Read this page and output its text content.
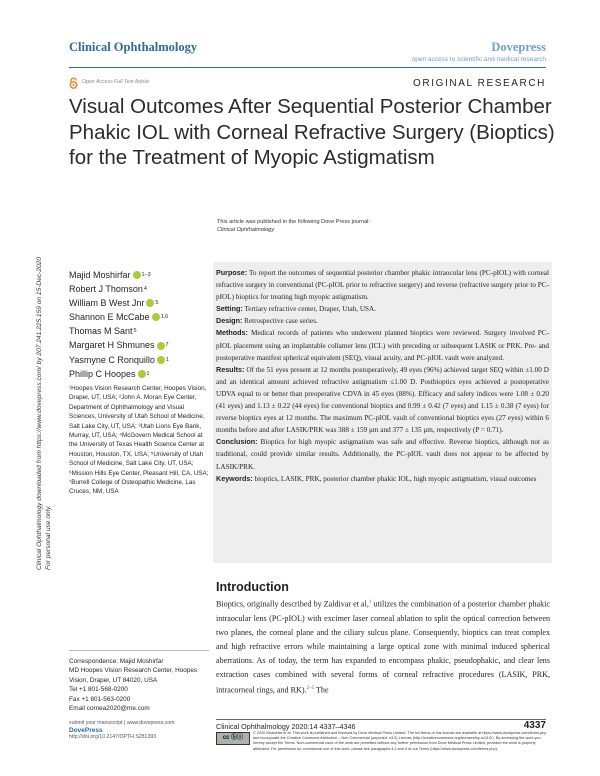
Clinical Ophthalmology	Dovepress
open access to scientific and medical research
Open Access Full Text Article	ORIGINAL RESEARCH
Visual Outcomes After Sequential Posterior Chamber Phakic IOL with Corneal Refractive Surgery (Bioptics) for the Treatment of Myopic Astigmatism
This article was published in the following Dove Press journal:
Clinical Ophthalmology
Clinical Ophthalmology downloaded from https://www.dovepress.com/ by 207.241.225.159 on 15-Dec-2020 For personal use only.
Majid Moshirfar 1–3
Robert J Thomson 4
William B West Jnr 5
Shannon E McCabe 1,6
Thomas M Sant 5
Margaret H Shmunes 7
Yasmyne C Ronquillo 1
Phillip C Hoopes 1
¹Hoopes Vision Research Center, Hoopes Vision, Draper, UT, USA; ²John A. Moran Eye Center, Department of Ophthalmology and Visual Sciences, University of Utah School of Medicine, Salt Lake City, UT, USA; ³Utah Lions Eye Bank, Murray, UT, USA; ⁴McGovern Medical School at the University of Texas Health Science Center at Houston, Houston, TX, USA; ⁵University of Utah School of Medicine, Salt Lake City, UT, USA; ⁶Mission Hills Eye Center, Pleasant Hill, CA, USA; ⁷Burrell College of Osteopathic Medicine, Las Cruces, NM, USA

Purpose: To report the outcomes of sequential posterior chamber phakic intraocular lens (PC-pIOL) with corneal refractive surgery in conventional (PC-pIOL prior to refractive surgery) and reverse (refractive surgery prior to PC-pIOL) bioptics for treating high myopic astigmatism.

Setting: Tertiary refractive center, Draper, Utah, USA.

Design: Retrospective case series.

Methods: Medical records of patients who underwent planned bioptics were reviewed. Surgery involved PC-pIOL placement using an implantable collamer lens (ICL) with preceding or subsequent LASIK or PRK. Pre- and postoperative manifest spherical equivalent (SEQ), visual acuity, and PC-pIOL vault were analyzed.

Results: Of the 51 eyes present at 12 months postoperatively, 49 eyes (96%) achieved target SEQ within ±1.00 D and an identical amount achieved refractive astigmatism ≤1.00 D. Postbioptics eyes achieved a postoperative UDVA equal to or better than preoperative CDVA in 45 eyes (88%). Efficacy and safety indices were 1.08 ± 0.20 (41 eyes) and 1.13 ± 0.22 (44 eyes) for conventional bioptics and 0.99 ± 0.42 (7 eyes) and 1.15 ± 0.38 (7 eyes) for reverse bioptics eyes at 12 months. The maximum PC-pIOL vault of conventional bioptics eyes (27 eyes) within 6 months before and after LASIK/PRK was 388 ± 159 μm and 377 ± 135 μm, respectively (P = 0.71).

Conclusion: Bioptics for high myopic astigmatism was safe and effective. Reverse bioptics, although not as traditional, could provide similar results. Additionally, the PC-pIOL vault does not appear to be affected by LASIK/PRK.

Keywords: bioptics, LASIK, PRK, posterior chamber phakic IOL, high myopic astigmatism, visual outcomes

Introduction
Bioptics, originally described by Zaldivar et al,$^1$ utilizes the combination of a posterior chamber phakic intraocular lens (PC-pIOL) with excimer laser corneal ablation to split the optical correction between two planes, the corneal plane and the ciliary sulcus plane. Consequently, bioptics can treat complex and high refractive errors while maintaining a large optical zone with minimal induced spherical aberrations. As of today, the term has expanded to encompass phakic, pseudophakic, and clear lens extraction cases combined with several forms of corneal refractive procedures (LASIK, PRK, intracorneal rings, and RK).$^{2-5}$ The
Correspondence: Majid Moshirfar
MD Hoopes Vision Research Center, Hoopes Vision, Draper, UT 84020, USA
Tel +1 801-568-0200
Fax +1 801-563-0200
Email cornea2020@me.com
submit your manuscript | www.dovepress.com
DovePress
http://doi.org/10.2147/OPTH.S281393
Clinical Ophthalmology 2020:14 4337–4346	4337
cc ⓑⓢ
© 2020 Moshirfar et al. This work is published and licensed by Dove Medical Press Limited. The full terms of this license are available at https://www.dovepress.com/terms.php and incorporate the Creative Commons Attribution – Non Commercial (unported, v3.0) License (http://creativecommons.org/licenses/by-nc/3.0/). By accessing the work you hereby accept the Terms. Non-commercial uses of the work are permitted without any further permission from Dove Medical Press Limited, provided the work is properly attributed. For permission for commercial use of this work, please see paragraphs 4.2 and 5 of our Terms (https://www.dovepress.com/terms.php).
